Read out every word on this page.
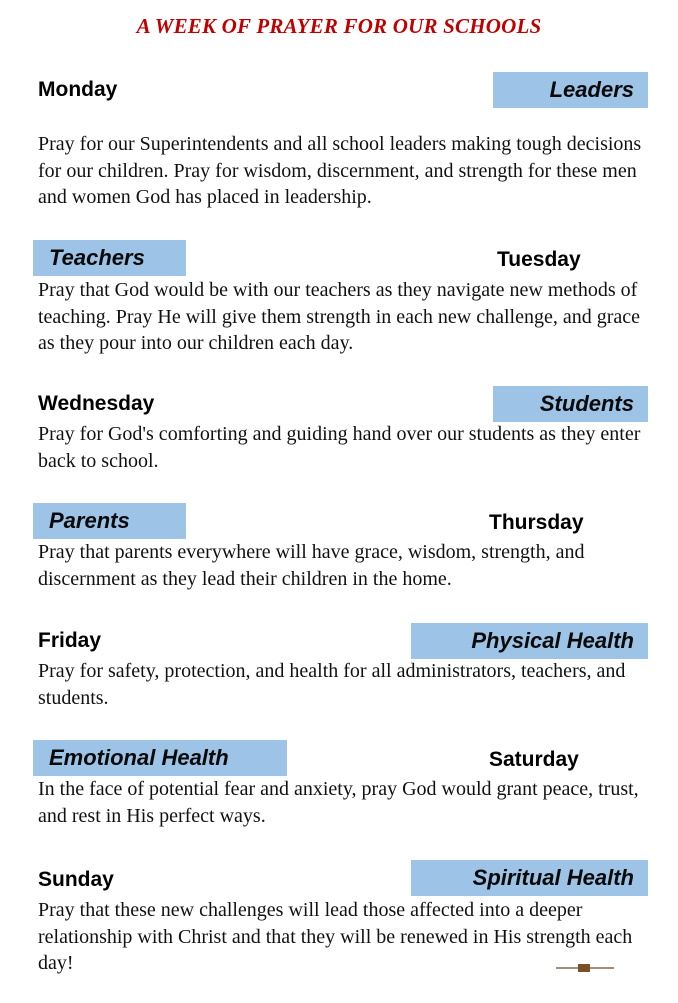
A WEEK OF PRAYER FOR OUR SCHOOLS
Monday	Leaders
Pray for our Superintendents and all school leaders making tough decisions for our children. Pray for wisdom, discernment, and strength for these men and women God has placed in leadership.
Teachers	Tuesday
Pray that God would be with our teachers as they navigate new methods of teaching. Pray He will give them strength in each new challenge, and grace as they pour into our children each day.
Wednesday	Students
Pray for God's comforting and guiding hand over our students as they enter back to school.
Parents	Thursday
Pray that parents everywhere will have grace, wisdom, strength, and discernment as they lead their children in the home.
Friday	Physical Health
Pray for safety, protection, and health for all administrators, teachers, and students.
Emotional Health	Saturday
In the face of potential fear and anxiety, pray God would grant peace, trust, and rest in His perfect ways.
Sunday	Spiritual Health
Pray that these new challenges will lead those affected into a deeper relationship with Christ and that they will be renewed in His strength each day!
